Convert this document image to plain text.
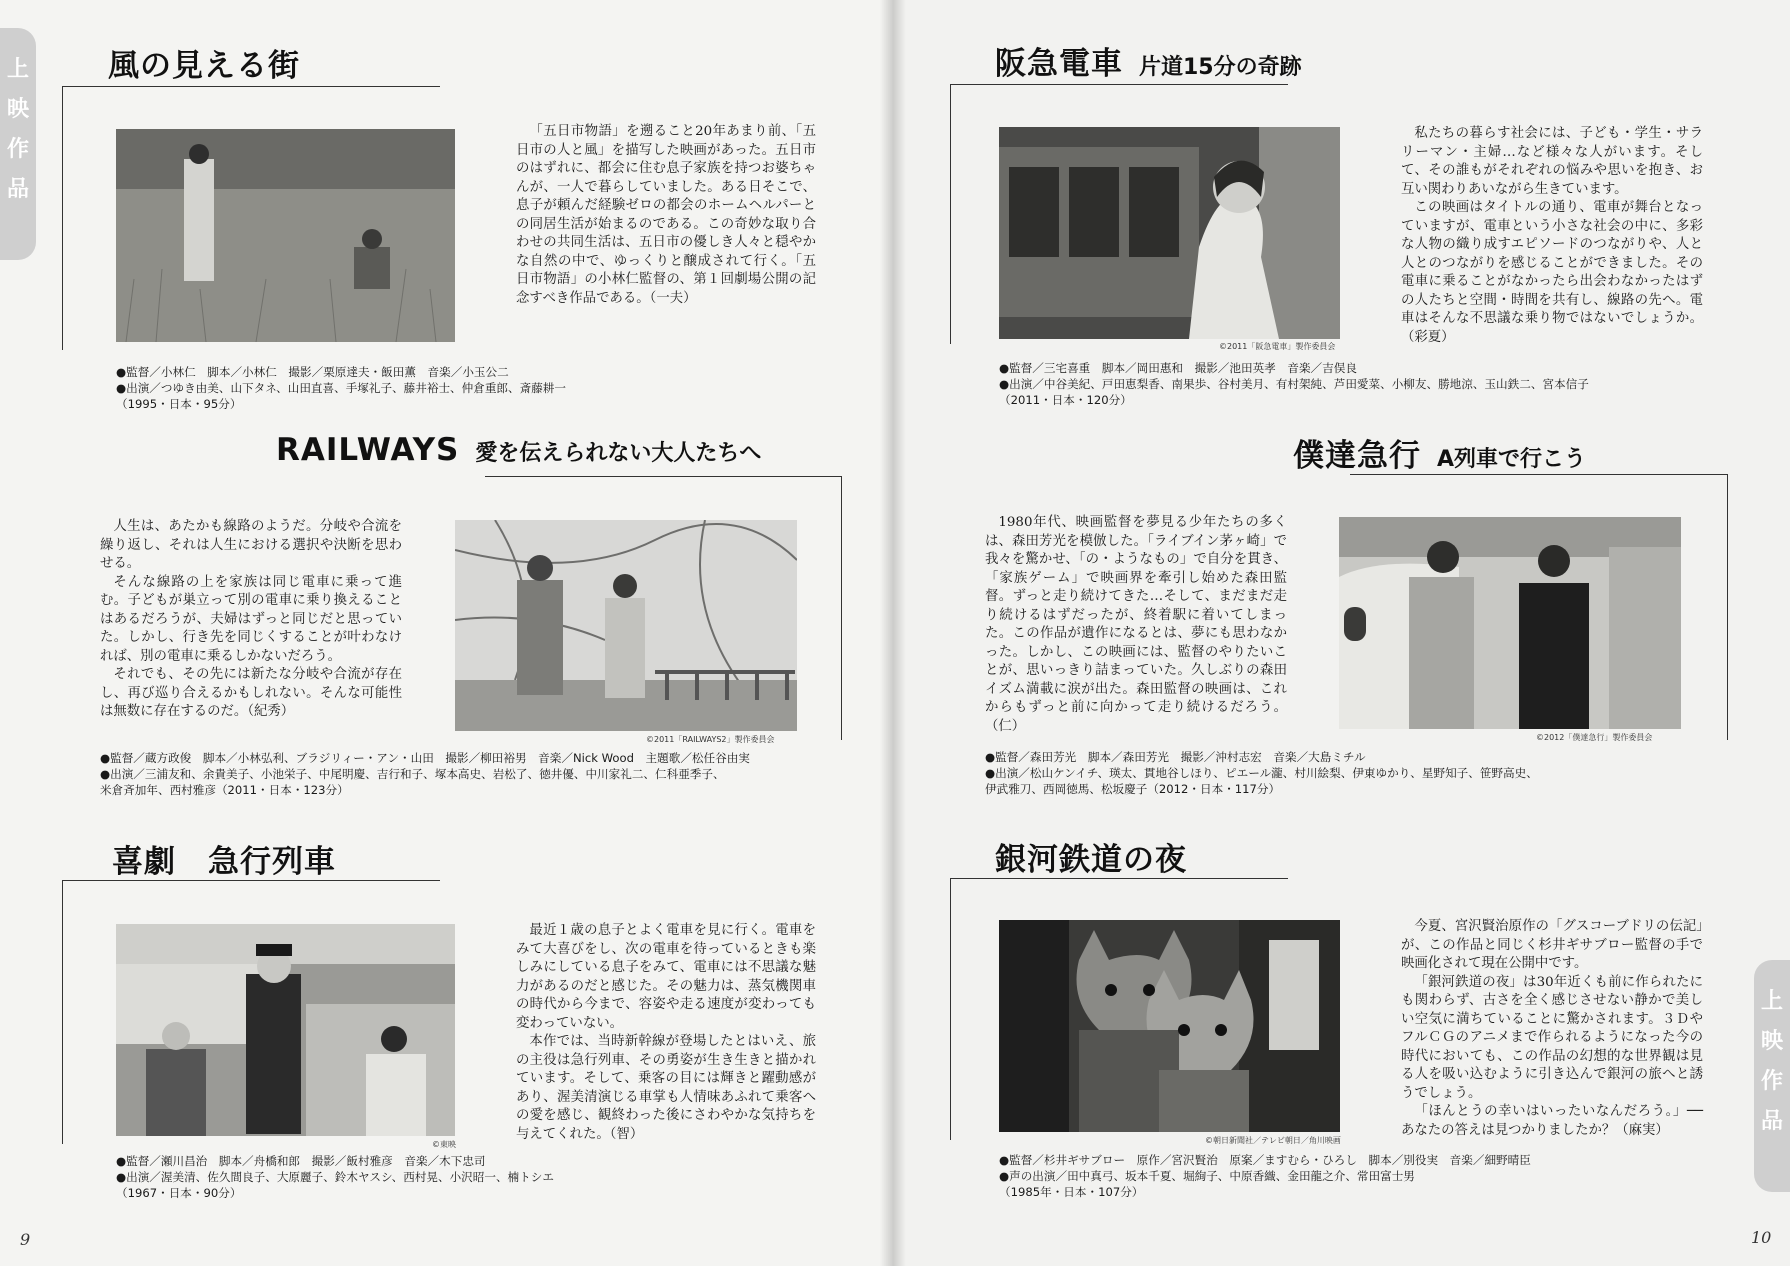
上
映
作
品
風の見える街

「五日市物語」を遡ること20年あまり前、「五日市の人と風」を描写した映画があった。五日市のはずれに、都会に住む息子家族を持つお婆ちゃんが、一人で暮らしていました。ある日そこで、息子が頼んだ経験ゼロの都会のホームヘルパーとの同居生活が始まるのである。この奇妙な取り合わせの共同生活は、五日市の優しき人々と穏やかな自然の中で、ゆっくりと醸成されて行く。「五日市物語」の小林仁監督の、第１回劇場公開の記念すべき作品である。（一夫）

●監督／小林仁　脚本／小林仁　撮影／栗原達夫・飯田薫　音楽／小玉公二
●出演／つゆき由美、山下タネ、山田直喜、手塚礼子、藤井裕士、仲倉重郎、斎藤耕一
（1995・日本・95分）
RAILWAYS 愛を伝えられない大人たちへ

人生は、あたかも線路のようだ。分岐や合流を繰り返し、それは人生における選択や決断を思わせる。

そんな線路の上を家族は同じ電車に乗って進む。子どもが巣立って別の電車に乗り換えることはあるだろうが、夫婦はずっと同じだと思っていた。しかし、行き先を同じくすることが叶わなければ、別の電車に乗るしかないだろう。

それでも、その先には新たな分岐や合流が存在し、再び巡り合えるかもしれない。そんな可能性は無数に存在するのだ。（紀秀）

©2011「RAILWAYS2」製作委員会
●監督／蔵方政俊　脚本／小林弘利、ブラジリィー・アン・山田　撮影／柳田裕男　音楽／Nick Wood　主題歌／松任谷由実
●出演／三浦友和、余貴美子、小池栄子、中尾明慶、吉行和子、塚本高史、岩松了、徳井優、中川家礼二、仁科亜季子、
米倉斉加年、西村雅彦（2011・日本・123分）
喜劇　急行列車
©東映

最近１歳の息子とよく電車を見に行く。電車をみて大喜びをし、次の電車を待っているときも楽しみにしている息子をみて、電車には不思議な魅力があるのだと感じた。その魅力は、蒸気機関車の時代から今まで、容姿や走る速度が変わっても変わっていない。

本作では、当時新幹線が登場したとはいえ、旅の主役は急行列車、その勇姿が生き生きと描かれています。そして、乗客の目には輝きと躍動感があり、渥美清演じる車掌も人情味あふれて乗客への愛を感じ、観終わった後にさわやかな気持ちを与えてくれた。（智）

●監督／瀬川昌治　脚本／舟橋和郎　撮影／飯村雅彦　音楽／木下忠司
●出演／渥美清、佐久間良子、大原麗子、鈴木ヤスシ、西村晃、小沢昭一、楠トシエ
（1967・日本・90分）
9
上
映
作
品
阪急電車 片道15分の奇跡
©2011「阪急電車」製作委員会

私たちの暮らす社会には、子ども・学生・サラリーマン・主婦…など様々な人がいます。そして、その誰もがそれぞれの悩みや思いを抱き、お互い関わりあいながら生きています。

この映画はタイトルの通り、電車が舞台となっていますが、電車という小さな社会の中に、多彩な人物の織り成すエピソードのつながりや、人と人とのつながりを感じることができました。その電車に乗ることがなかったら出会わなかったはずの人たちと空間・時間を共有し、線路の先へ。電車はそんな不思議な乗り物ではないでしょうか。（彩夏）

●監督／三宅喜重　脚本／岡田惠和　撮影／池田英孝　音楽／吉俣良
●出演／中谷美紀、戸田恵梨香、南果歩、谷村美月、有村架純、芦田愛菜、小柳友、勝地涼、玉山鉄二、宮本信子
（2011・日本・120分）
僕達急行 A列車で行こう

1980年代、映画監督を夢見る少年たちの多くは、森田芳光を模倣した。「ライブイン茅ヶ崎」で我々を驚かせ、「の・ようなもの」で自分を貫き、「家族ゲーム」で映画界を牽引し始めた森田監督。ずっと走り続けてきた…そして、まだまだ走り続けるはずだったが、終着駅に着いてしまった。この作品が遺作になるとは、夢にも思わなかった。しかし、この映画には、監督のやりたいことが、思いっきり詰まっていた。久しぶりの森田イズム満載に涙が出た。森田監督の映画は、これからもずっと前に向かって走り続けるだろう。（仁）

©2012「僕達急行」製作委員会
●監督／森田芳光　脚本／森田芳光　撮影／沖村志宏　音楽／大島ミチル
●出演／松山ケンイチ、瑛太、貫地谷しほり、ピエール瀧、村川絵梨、伊東ゆかり、星野知子、笹野高史、
伊武雅刀、西岡徳馬、松坂慶子（2012・日本・117分）
銀河鉄道の夜
©朝日新聞社／テレビ朝日／角川映画

今夏、宮沢賢治原作の「グスコーブドリの伝記」が、この作品と同じく杉井ギサブロー監督の手で映画化されて現在公開中です。

「銀河鉄道の夜」は30年近くも前に作られたにも関わらず、古さを全く感じさせない静かで美しい空気に満ちていることに驚かされます。３ＤやフルＣＧのアニメまで作られるようになった今の時代においても、この作品の幻想的な世界観は見る人を吸い込むように引き込んで銀河の旅へと誘うでしょう。

「ほんとうの幸いはいったいなんだろう。」──あなたの答えは見つかりましたか？（麻実）

●監督／杉井ギサブロー　原作／宮沢賢治　原案／ますむら・ひろし　脚本／別役実　音楽／細野晴臣
●声の出演／田中真弓、坂本千夏、堀絢子、中原香織、金田龍之介、常田富士男
（1985年・日本・107分）
10
